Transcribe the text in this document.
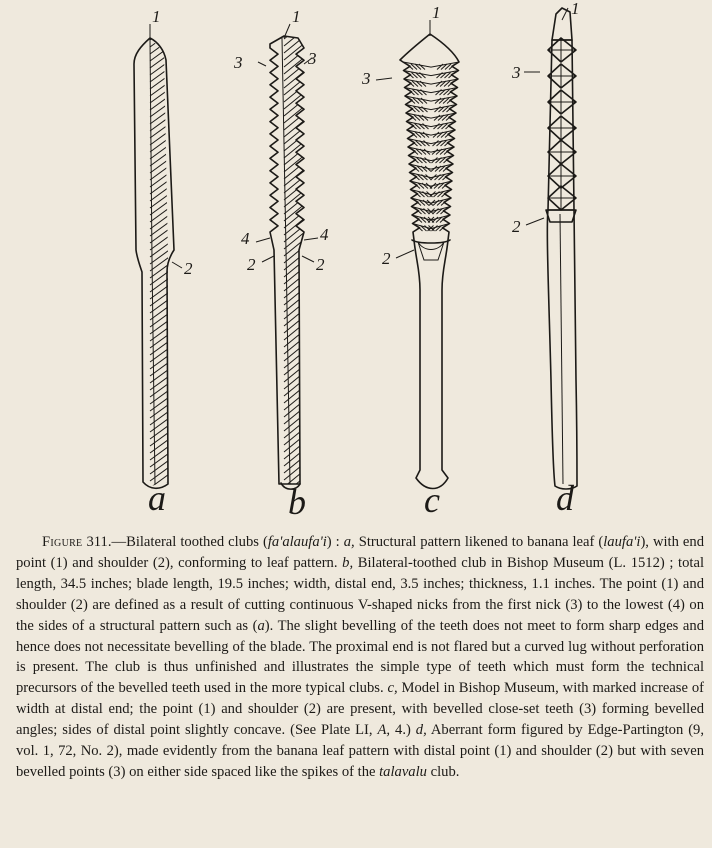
1
2
1
3	3
4	4
2	2
1
3
2
1
3
2
a	b	c	d

Figure 311.—Bilateral toothed clubs (fa'alaufa'i) : a, Structural pattern likened to banana leaf (laufa'i), with end point (1) and shoulder (2), conforming to leaf pattern. b, Bilateral-toothed club in Bishop Museum (L. 1512) ; total length, 34.5 inches; blade length, 19.5 inches; width, distal end, 3.5 inches; thickness, 1.1 inches. The point (1) and shoulder (2) are defined as a result of cutting continuous V-shaped nicks from the first nick (3) to the lowest (4) on the sides of a structural pattern such as (a). The slight bevelling of the teeth does not meet to form sharp edges and hence does not necessitate bevelling of the blade. The proximal end is not flared but a curved lug without perforation is present. The club is thus unfinished and illustrates the simple type of teeth which must form the technical precursors of the bevelled teeth used in the more typical clubs. c, Model in Bishop Museum, with marked increase of width at distal end; the point (1) and shoulder (2) are present, with bevelled close-set teeth (3) forming bevelled angles; sides of distal point slightly concave. (See Plate LI, A, 4.) d, Aberrant form figured by Edge-Partington (9, vol. 1, 72, No. 2), made evidently from the banana leaf pattern with distal point (1) and shoulder (2) but with seven bevelled points (3) on either side spaced like the spikes of the talavalu club.
